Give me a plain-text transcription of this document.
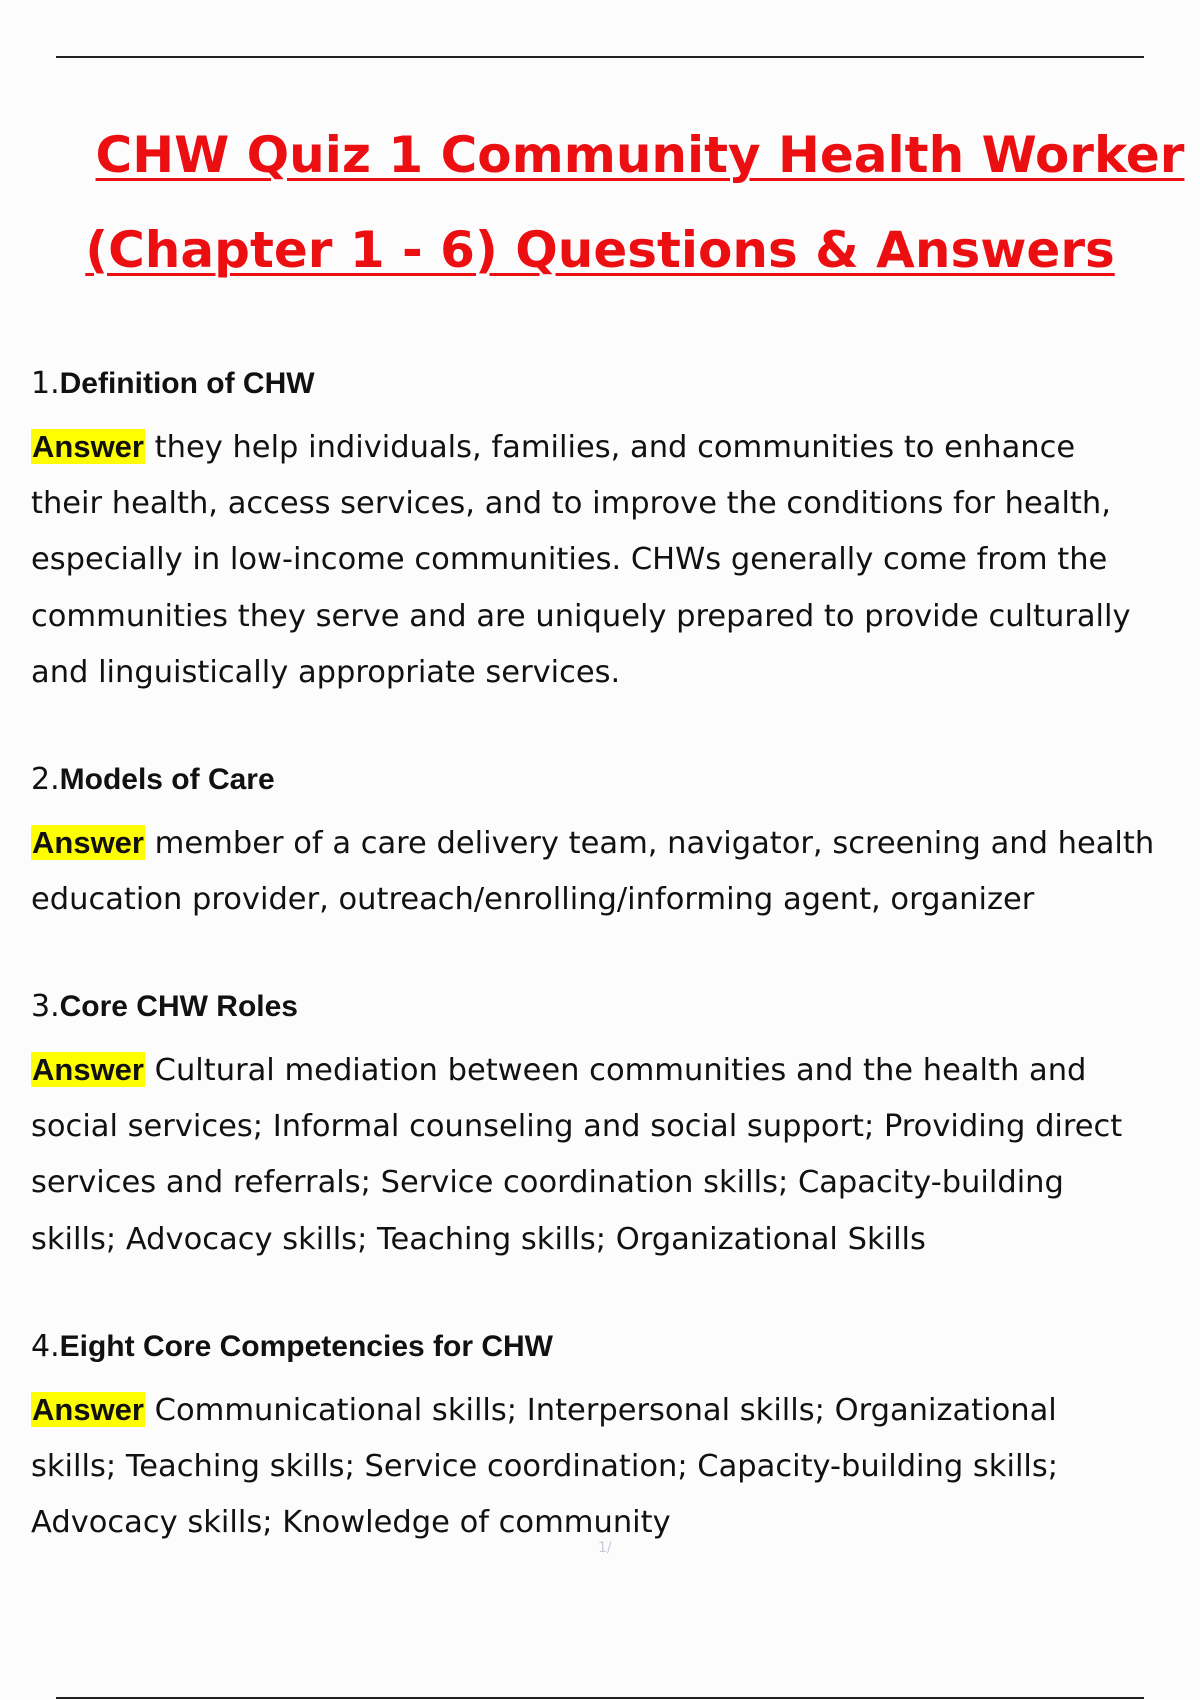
CHW Quiz 1 Community Health Worker
(Chapter 1 - 6) Questions & Answers
1.Definition of CHW
Answer they help individuals, families, and communities to enhance
their health, access services, and to improve the conditions for health,
especially in low-income communities. CHWs generally come from the
communities they serve and are uniquely prepared to provide culturally
and linguistically appropriate services.
2.Models of Care
Answer member of a care delivery team, navigator, screening and health
education provider, outreach/enrolling/informing agent, organizer
3.Core CHW Roles
Answer Cultural mediation between communities and the health and
social services; Informal counseling and social support; Providing direct
services and referrals; Service coordination skills; Capacity-building
skills; Advocacy skills; Teaching skills; Organizational Skills
4.Eight Core Competencies for CHW
Answer Communicational skills; Interpersonal skills; Organizational
skills; Teaching skills; Service coordination; Capacity-building skills;
Advocacy skills; Knowledge of community
1/
